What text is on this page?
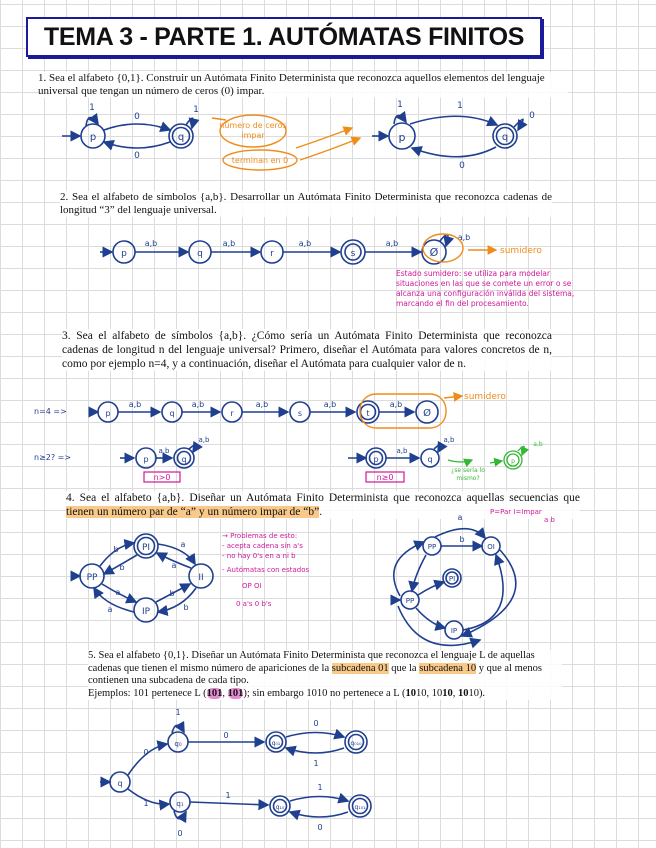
TEMA 3 - PARTE 1. AUTÓMATAS FINITOS
1. Sea el alfabeto {0,1}. Construir un Autómata Finito Determinista que reconozca aquellos elementos del lenguaje universal que tengan un número de ceros (0) impar.
2. Sea el alfabeto de símbolos {a,b}. Desarrollar un Autómata Finito Determinista que reconozca cadenas de longitud “3” del lenguaje universal.
3. Sea el alfabeto de símbolos {a,b}. ¿Cómo sería un Autómata Finito Determinista que reconozca cadenas de longitud n del lenguaje universal? Primero, diseñar el Autómata para valores concretos de n, como por ejemplo n=4, y a continuación, diseñar el Autómata para cualquier valor de n.
4. Sea el alfabeto {a,b}. Diseñar un Autómata Finito Determinista que reconozca aquellas secuencias que tienen un número par de “a” y un número impar de “b”.
5. Sea el alfabeto {0,1}. Diseñar un Autómata Finito Determinista que reconozca el lenguaje L de aquellas cadenas que tienen el mismo número de apariciones de la subcadena 01 que la subcadena 10 y que al menos contienen una subcadena de cada tipo.
Ejemplos: 101 pertenece L (101, 101); sin embargo 1010 no pertenece a L (1010, 1010, 1010).
p	q
0
0
1	1
p	q
1
0
1
0
p	q	r	s	Ø
a,b	a,b	a,b	a,b
a,b
p	q	r	s	t	Ø
a,b	a,b	a,b	a,b	a,b
p	q
a,b
a,b
p	q
a,b
a,b
PP
PI
II
IP
b
b
a
a
b
b
a
a
PP	OI
PI
PP
IP
b
a
q
q₀	q₀₁	q₀₁₀
q₁	q₁₀	q₁₀₁
0
1
0
1
0
1
1
0
1
0
número de ceros
impar
terminan en 0
sumidero
sumidero
Estado sumidero: se utiliza para modelar
situaciones en las que se comete un error o se
alcanza una configuración inválida del sistema,
marcando el fin del procesamiento.
n>0	n≥0
P=Par I=Impar
a b
→ Problemas de esto:
- acepta cadena sin a's
- no hay 0's en a ni b
- Autómatas con estados
OP OI
0 a's 0 b's
p
a,b
¿se sería lo
mismo?
n=4 =>
n≥2? =>
